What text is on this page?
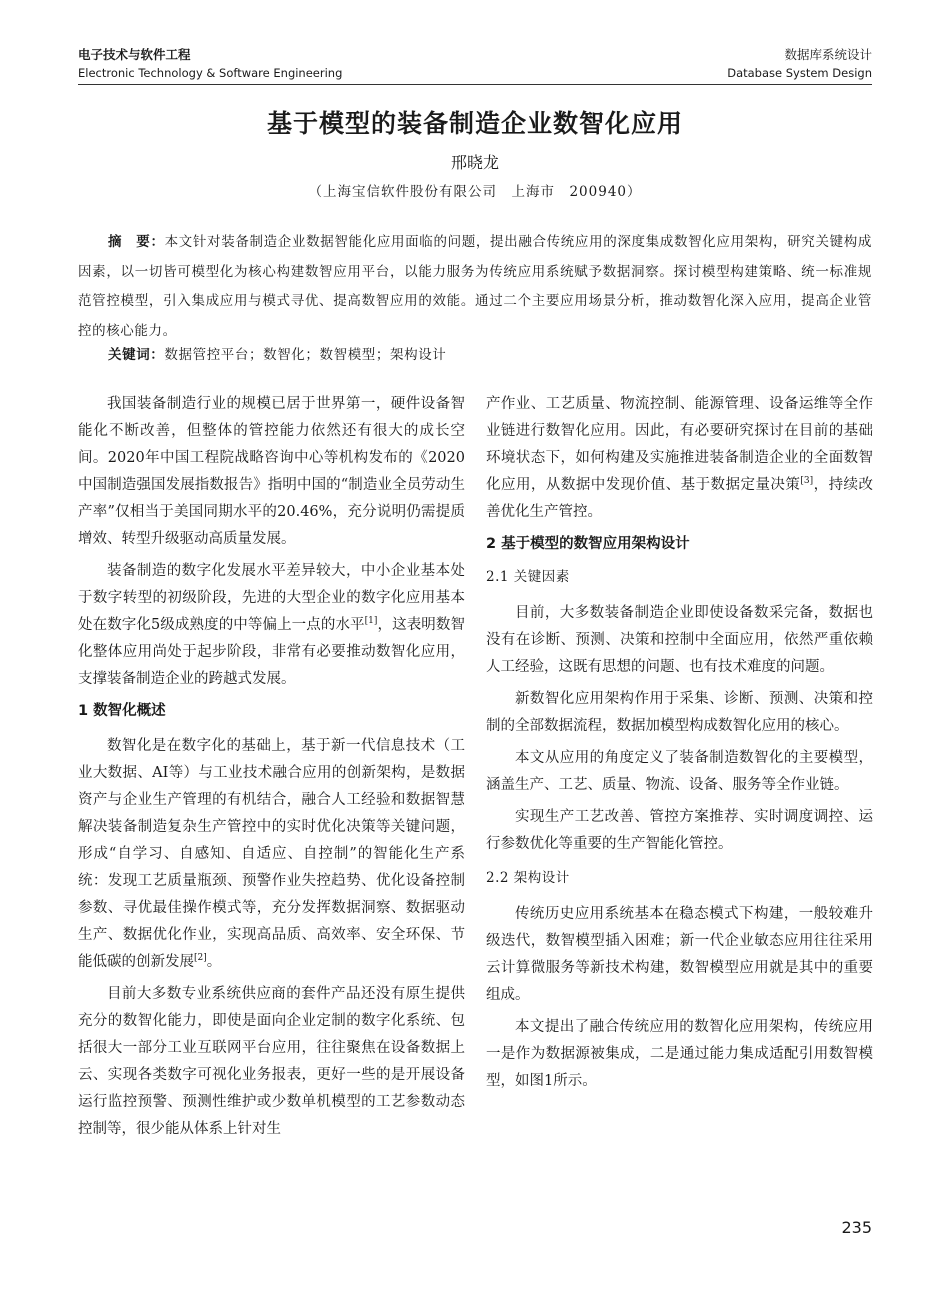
电子技术与软件工程
Electronic Technology & Software Engineering
数据库系统设计
Database System Design
基于模型的装备制造企业数智化应用
邢晓龙
（上海宝信软件股份有限公司　上海市　200940）
摘　要：本文针对装备制造企业数据智能化应用面临的问题，提出融合传统应用的深度集成数智化应用架构，研究关键构成因素，以一切皆可模型化为核心构建数智应用平台，以能力服务为传统应用系统赋予数据洞察。探讨模型构建策略、统一标准规范管控模型，引入集成应用与模式寻优、提高数智应用的效能。通过二个主要应用场景分析，推动数智化深入应用，提高企业管控的核心能力。
关键词：数据管控平台；数智化；数智模型；架构设计

我国装备制造行业的规模已居于世界第一，硬件设备智能化不断改善，但整体的管控能力依然还有很大的成长空间。2020年中国工程院战略咨询中心等机构发布的《2020中国制造强国发展指数报告》指明中国的“制造业全员劳动生产率”仅相当于美国同期水平的20.46%，充分说明仍需提质增效、转型升级驱动高质量发展。

装备制造的数字化发展水平差异较大，中小企业基本处于数字转型的初级阶段，先进的大型企业的数字化应用基本处在数字化5级成熟度的中等偏上一点的水平[1]，这表明数智化整体应用尚处于起步阶段，非常有必要推动数智化应用，支撑装备制造企业的跨越式发展。

1 数智化概述

数智化是在数字化的基础上，基于新一代信息技术（工业大数据、AI等）与工业技术融合应用的创新架构，是数据资产与企业生产管理的有机结合，融合人工经验和数据智慧解决装备制造复杂生产管控中的实时优化决策等关键问题，形成“自学习、自感知、自适应、自控制”的智能化生产系统：发现工艺质量瓶颈、预警作业失控趋势、优化设备控制参数、寻优最佳操作模式等，充分发挥数据洞察、数据驱动生产、数据优化作业，实现高品质、高效率、安全环保、节能低碳的创新发展[2]。

目前大多数专业系统供应商的套件产品还没有原生提供充分的数智化能力，即使是面向企业定制的数字化系统、包括很大一部分工业互联网平台应用，往往聚焦在设备数据上云、实现各类数字可视化业务报表，更好一些的是开展设备运行监控预警、预测性维护或少数单机模型的工艺参数动态控制等，很少能从体系上针对生

产作业、工艺质量、物流控制、能源管理、设备运维等全作业链进行数智化应用。因此，有必要研究探讨在目前的基础环境状态下，如何构建及实施推进装备制造企业的全面数智化应用，从数据中发现价值、基于数据定量决策[3]，持续改善优化生产管控。

2 基于模型的数智应用架构设计
2.1 关键因素

目前，大多数装备制造企业即使设备数采完备，数据也没有在诊断、预测、决策和控制中全面应用，依然严重依赖人工经验，这既有思想的问题、也有技术难度的问题。

新数智化应用架构作用于采集、诊断、预测、决策和控制的全部数据流程，数据加模型构成数智化应用的核心。

本文从应用的角度定义了装备制造数智化的主要模型，涵盖生产、工艺、质量、物流、设备、服务等全作业链。

实现生产工艺改善、管控方案推荐、实时调度调控、运行参数优化等重要的生产智能化管控。

2.2 架构设计

传统历史应用系统基本在稳态模式下构建，一般较难升级迭代，数智模型插入困难；新一代企业敏态应用往往采用云计算微服务等新技术构建，数智模型应用就是其中的重要组成。

本文提出了融合传统应用的数智化应用架构，传统应用一是作为数据源被集成，二是通过能力集成适配引用数智模型，如图1所示。

235
